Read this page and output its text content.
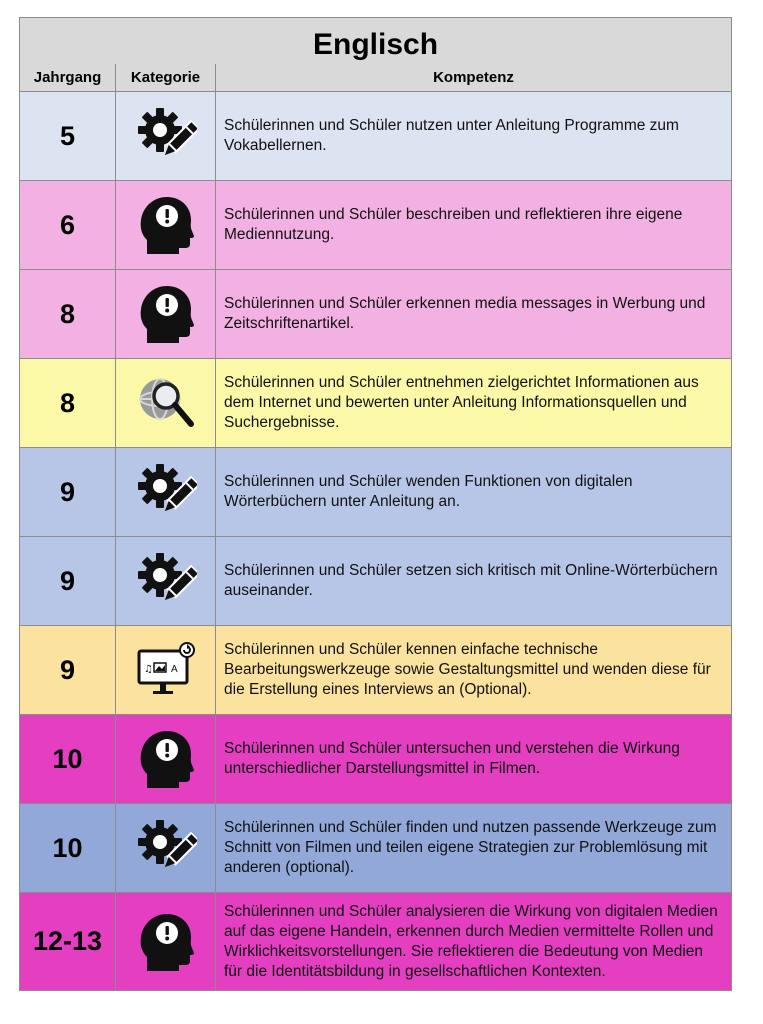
Englisch		

Jahrgang	Kategorie	Kompetenz
5		Schülerinnen und Schüler nutzen unter Anleitung Programme zum Vokabellernen.
6		Schülerinnen und Schüler beschreiben und reflektieren ihre eigene Mediennutzung.
8		Schülerinnen und Schüler erkennen media messages in Werbung und Zeitschriftenartikel.
8		Schülerinnen und Schüler entnehmen zielgerichtet Informationen aus dem Internet und bewerten unter Anleitung Informationsquellen und Suchergebnisse.
9		Schülerinnen und Schüler wenden Funktionen von digitalen Wörterbüchern unter Anleitung an.
9		Schülerinnen und Schüler setzen sich kritisch mit Online-Wörterbüchern auseinander.
9	♫ A	Schülerinnen und Schüler kennen einfache technische Bearbeitungswerkzeuge sowie Gestaltungsmittel und wenden diese für die Erstellung eines Interviews an (Optional).
10		Schülerinnen und Schüler untersuchen und verstehen die Wirkung unterschiedlicher Darstellungsmittel in Filmen.
10		Schülerinnen und Schüler finden und nutzen passende Werkzeuge zum Schnitt von Filmen und teilen eigene Strategien zur Problemlösung mit anderen (optional).
12-13		Schülerinnen und Schüler analysieren die Wirkung von digitalen Medien auf das eigene Handeln, erkennen durch Medien vermittelte Rollen und Wirklichkeitsvorstellungen. Sie reflektieren die Bedeutung von Medien für die Identitätsbildung in gesellschaftlichen Kontexten.
